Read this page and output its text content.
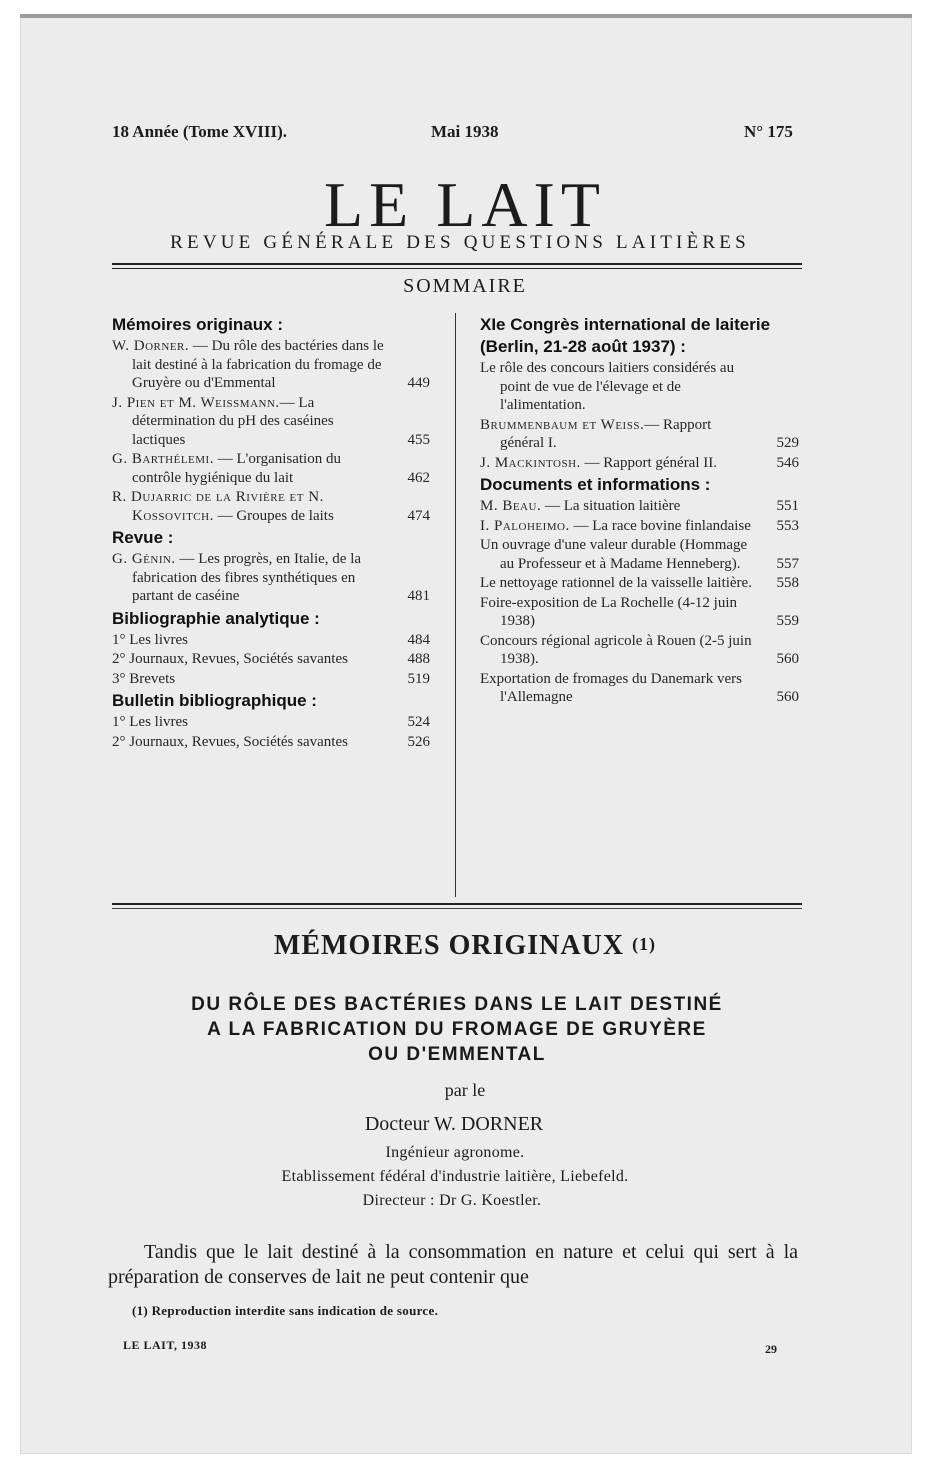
18 Année (Tome XVIII).	Mai 1938	N° 175
LE LAIT
REVUE GÉNÉRALE DES QUESTIONS LAITIÈRES
SOMMAIRE
Mémoires originaux :
W. Dorner. — Du rôle des bactéries dans le lait destiné à la fabrication du fromage de Gruyère ou d'Emmental	449
J. Pien et M. Weissmann.— La détermination du pH des caséines lactiques	455
G. Barthélemi. — L'organisation du contrôle hygiénique du lait	462
R. Dujarric de la Rivière et N. Kossovitch. — Groupes de laits	474
Revue :
G. Génin. — Les progrès, en Italie, de la fabrication des fibres synthétiques en partant de caséine	481
Bibliographie analytique :
1° Les livres	484
2° Journaux, Revues, Sociétés savantes	488
3° Brevets	519
Bulletin bibliographique :
1° Les livres	524
2° Journaux, Revues, Sociétés savantes	526
XIe Congrès international de laiterie (Berlin, 21-28 août 1937) :
Le rôle des concours laitiers considérés au point de vue de l'élevage et de l'alimentation.
Brummenbaum et Weiss.— Rapport général I.	529
J. Mackintosh. — Rapport général II.	546
Documents et informations :
M. Beau. — La situation laitière	551
I. Paloheimo. — La race bovine finlandaise 553
Un ouvrage d'une valeur durable (Hommage au Professeur et à Madame Henneberg). 557
Le nettoyage rationnel de la vaisselle laitière. 558
Foire-exposition de La Rochelle (4-12 juin 1938)	559
Concours régional agricole à Rouen (2-5 juin 1938).	560
Exportation de fromages du Danemark vers l'Allemagne	560
MÉMOIRES ORIGINAUX $^{(1)}$
DU RÔLE DES BACTÉRIES DANS LE LAIT DESTINÉ
A LA FABRICATION DU FROMAGE DE GRUYÈRE
OU D'EMMENTAL
par le
Docteur W. DORNER
Ingénieur agronome.
Etablissement fédéral d'industrie laitière, Liebefeld.
Directeur : Dr G. Koestler.
Tandis que le lait destiné à la consommation en nature et celui qui sert à la préparation de conserves de lait ne peut contenir que
(1) Reproduction interdite sans indication de source.
LE LAIT, 1938	29
